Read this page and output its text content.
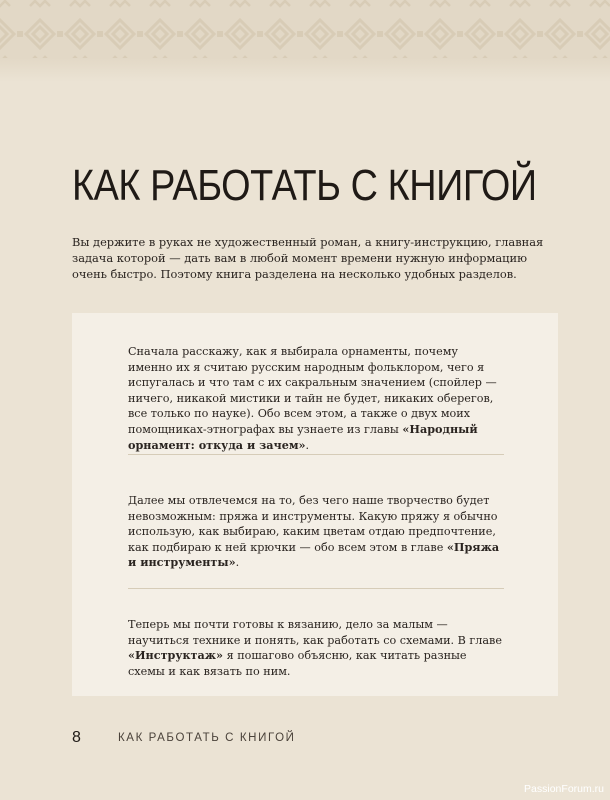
КАК РАБОТАТЬ С КНИГОЙ

Вы держите в руках не художественный роман, а книгу-инструкцию, главная задача которой — дать вам в любой момент времени нужную информацию очень быстро. Поэтому книга разделена на несколько удобных разделов.

Сначала расскажу, как я выбирала орнаменты, почему именно их я считаю русским народным фольклором, чего я испугалась и что там с их сакральным значением (спойлер — ничего, никакой мистики и тайн не будет, никаких оберегов, все только по науке). Обо всем этом, а также о двух моих помощниках-этнографах вы узнаете из главы «Народный орнамент: откуда и зачем».

Далее мы отвлечемся на то, без чего наше творчество будет невозможным: пряжа и инструменты. Какую пряжу я обычно использую, как выбираю, каким цветам отдаю предпочтение, как подбираю к ней крючки — обо всем этом в главе «Пряжа и инструменты».

Теперь мы почти готовы к вязанию, дело за малым — научиться технике и понять, как работать со схемами. В главе «Инструктаж» я пошагово объясню, как читать разные схемы и как вязать по ним.

8	КАК РАБОТАТЬ С КНИГОЙ
PassionForum.ru
